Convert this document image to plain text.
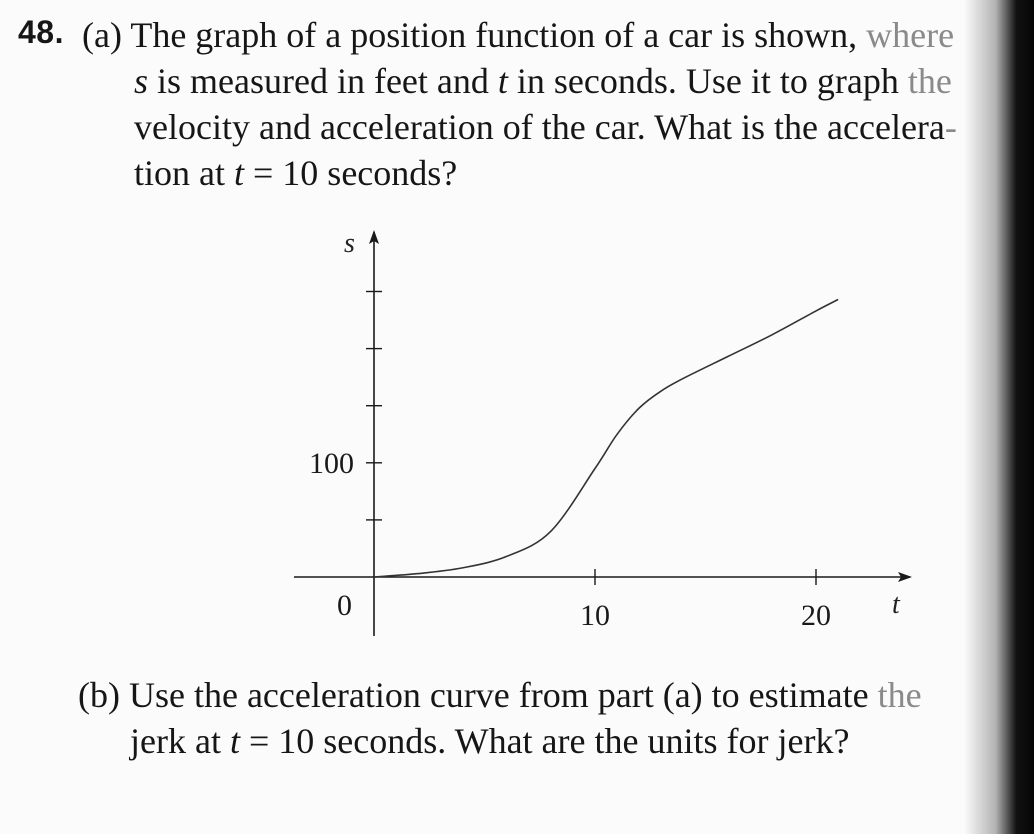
48. (a) The graph of a position function of a car is shown, where
s is measured in feet and t in seconds. Use it to graph the
velocity and acceleration of the car. What is the accelera-
tion at t = 10 seconds?
s
t
0	10	20
100
(b) Use the acceleration curve from part (a) to estimate the
jerk at t = 10 seconds. What are the units for jerk?
